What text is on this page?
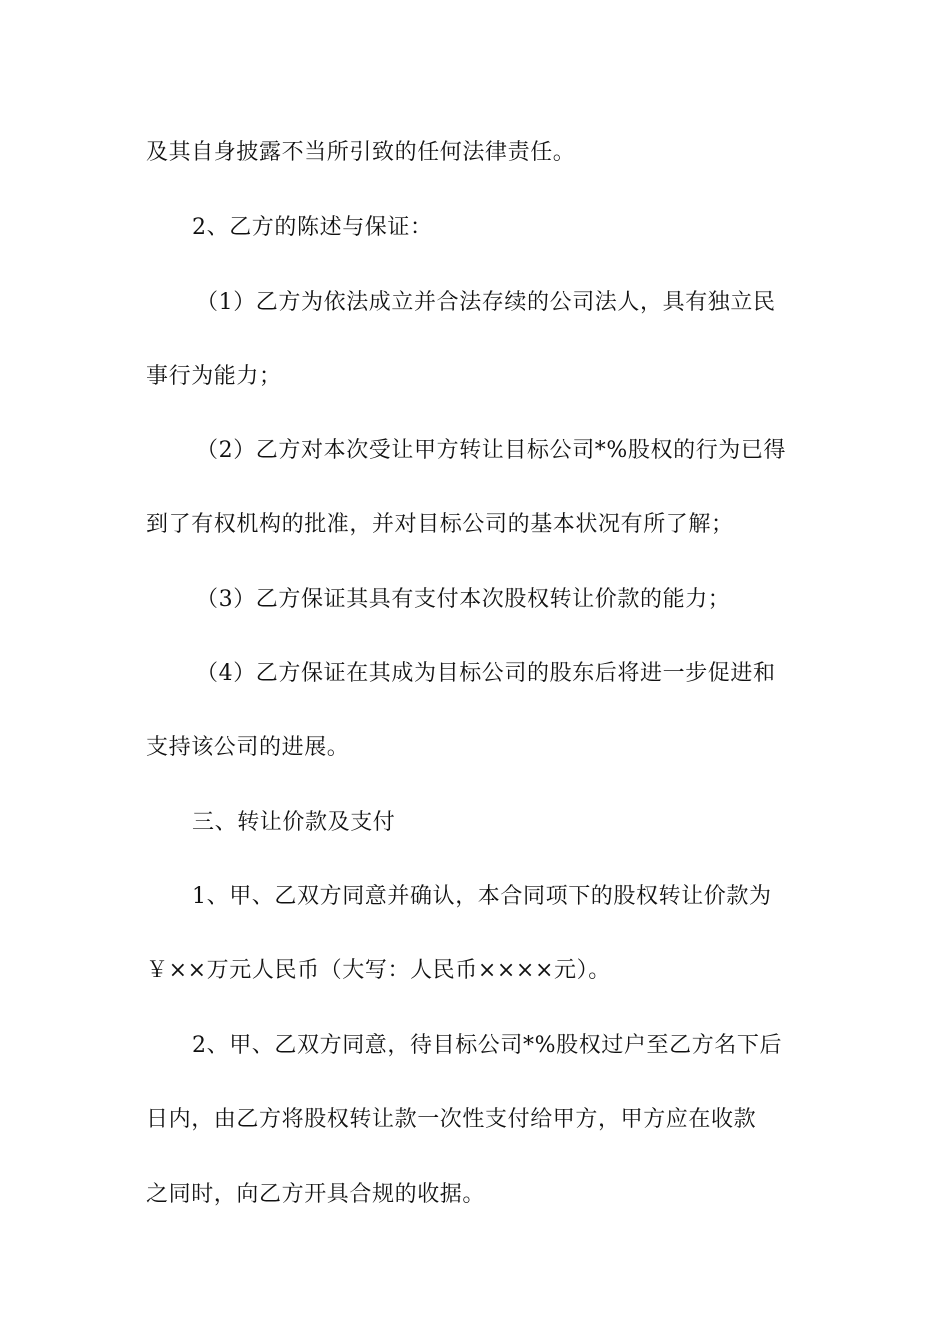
及其自身披露不当所引致的任何法律责任。
2、乙方的陈述与保证：
（1）乙方为依法成立并合法存续的公司法人，具有独立民
事行为能力；
（2）乙方对本次受让甲方转让目标公司*%股权的行为已得
到了有权机构的批准，并对目标公司的基本状况有所了解；
（3）乙方保证其具有支付本次股权转让价款的能力；
（4）乙方保证在其成为目标公司的股东后将进一步促进和
支持该公司的进展。
三、转让价款及支付
1、甲、乙双方同意并确认，本合同项下的股权转让价款为
￥××万元人民币（大写：人民币××××元）。
2、甲、乙双方同意，待目标公司*%股权过户至乙方名下后
日内，由乙方将股权转让款一次性支付给甲方，甲方应在收款
之同时，向乙方开具合规的收据。
